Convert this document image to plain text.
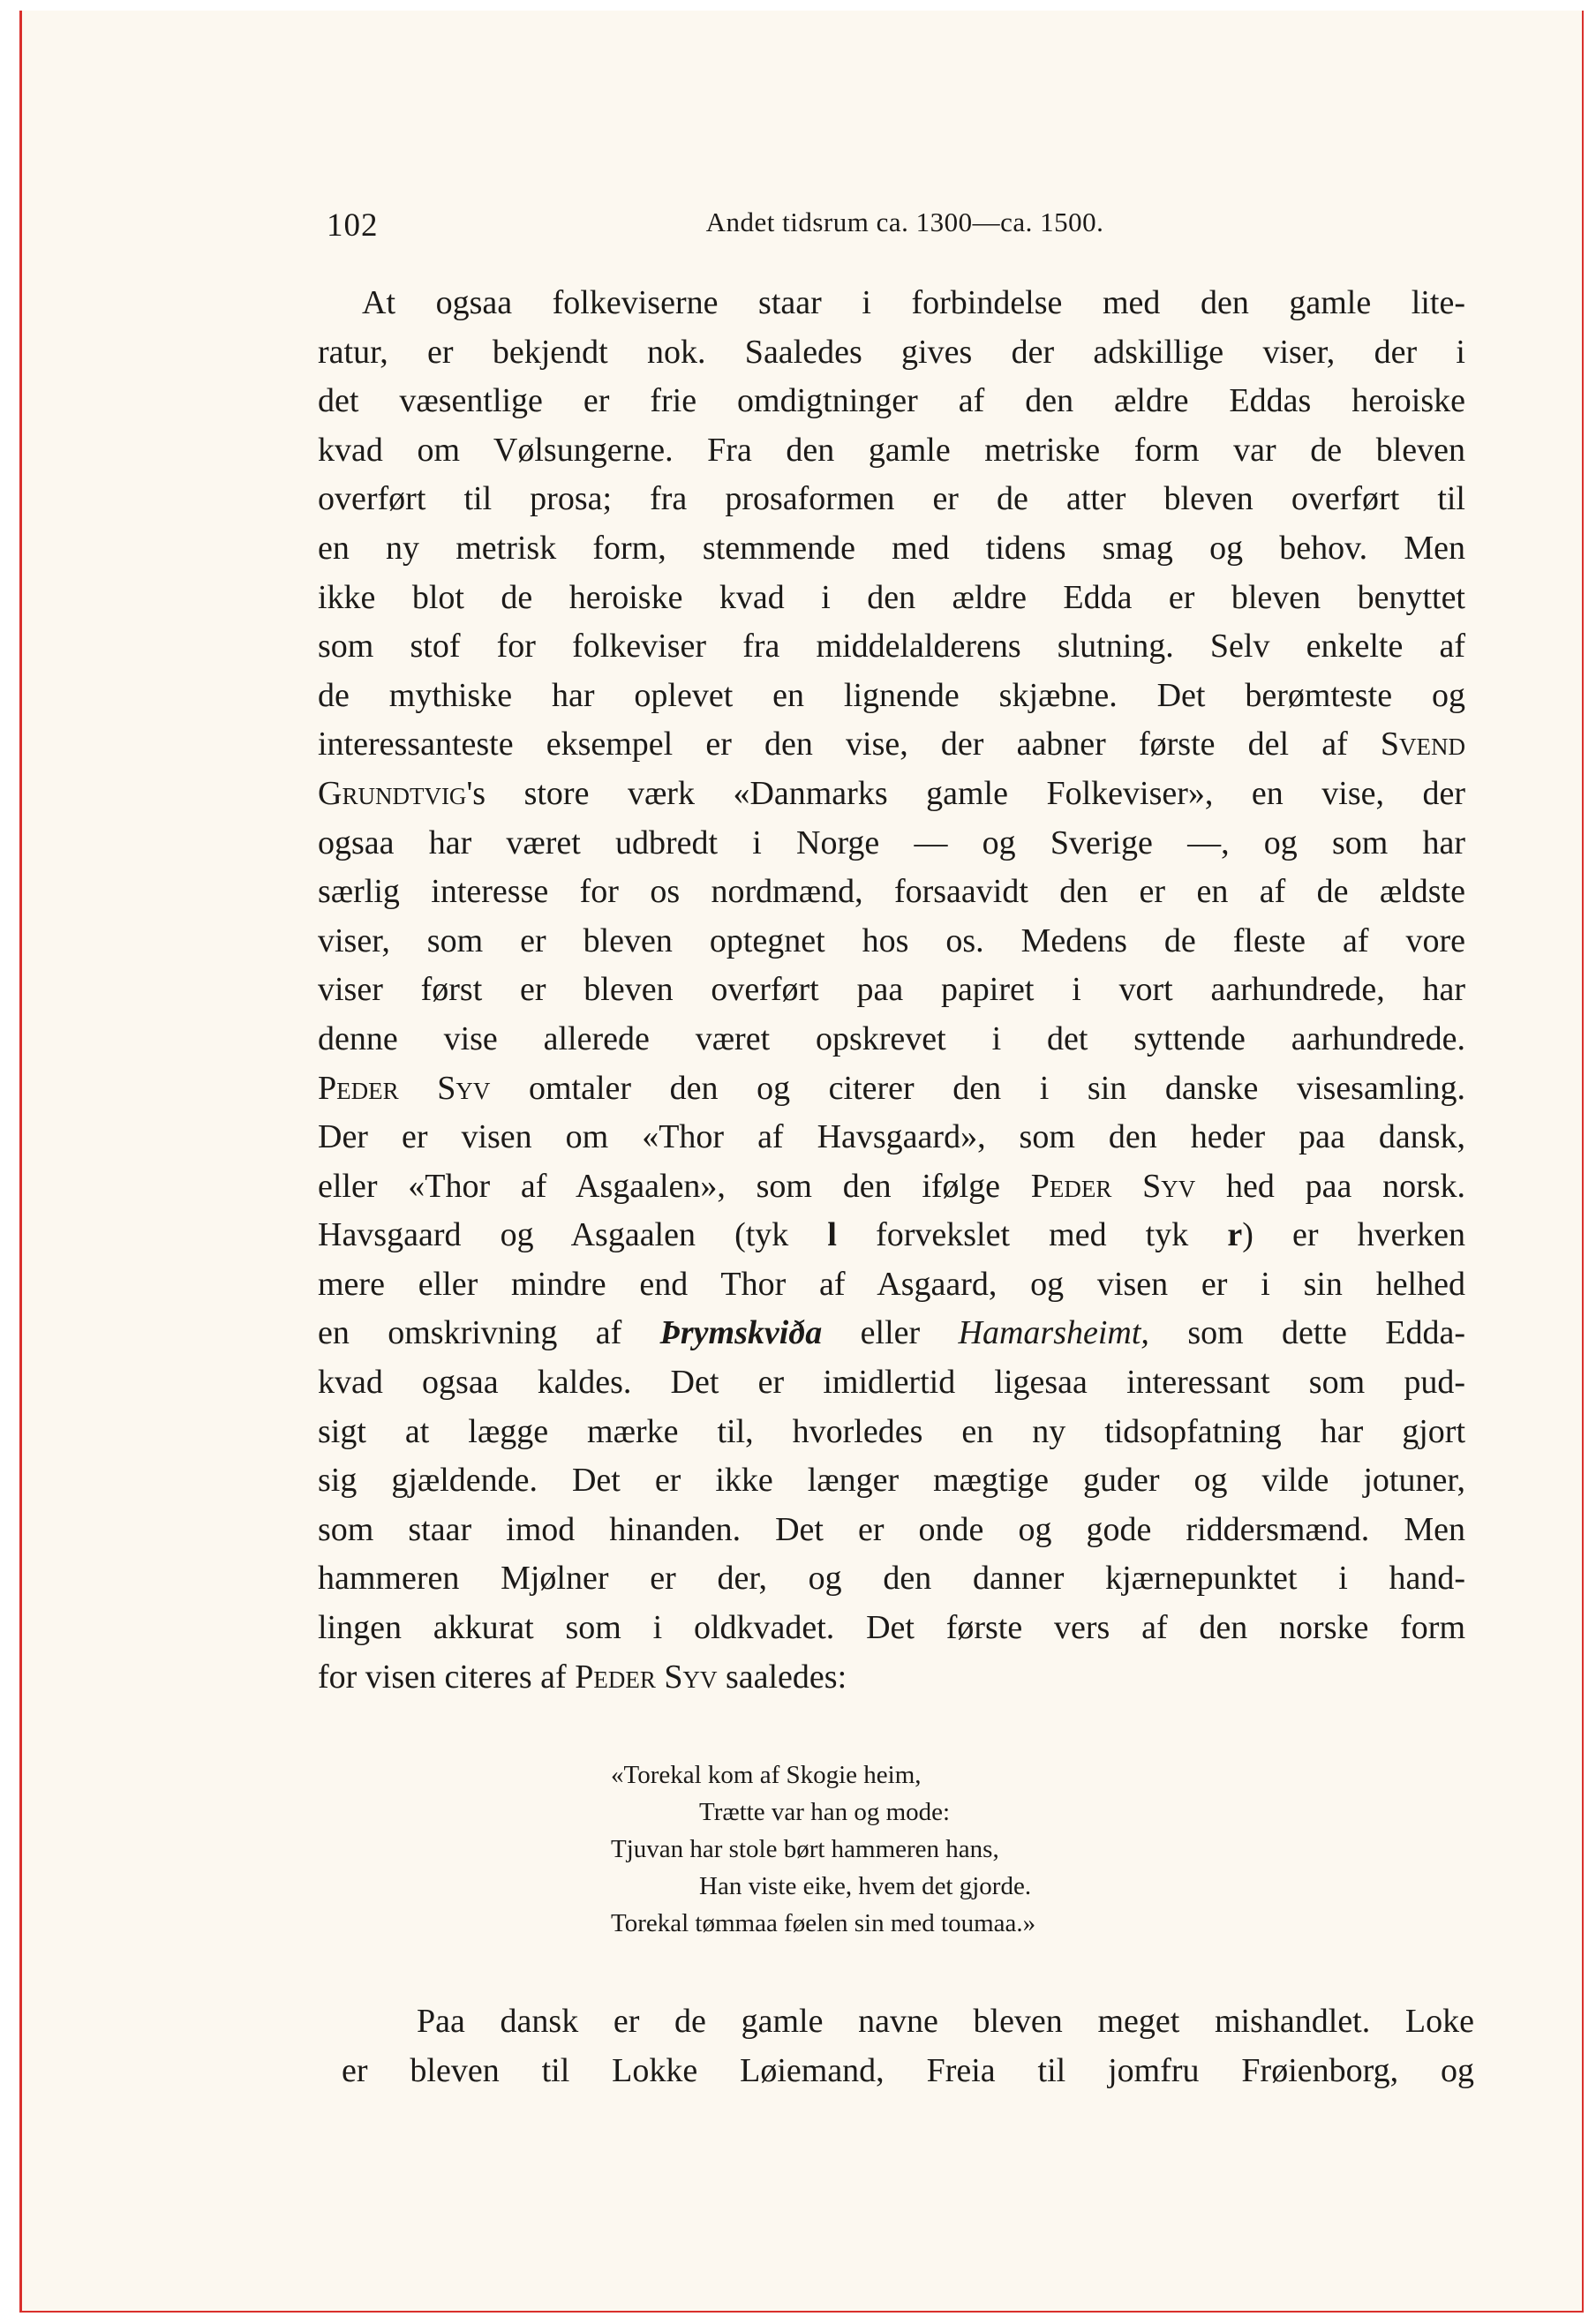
102	Andet tidsrum ca. 1300—ca. 1500.
At ogsaa folkeviserne staar i forbindelse med den gamle lite-
ratur, er bekjendt nok. Saaledes gives der adskillige viser, der i
det væsentlige er frie omdigtninger af den ældre Eddas heroiske
kvad om Vølsungerne. Fra den gamle metriske form var de bleven
overført til prosa; fra prosaformen er de atter bleven overført til
en ny metrisk form, stemmende med tidens smag og behov. Men
ikke blot de heroiske kvad i den ældre Edda er bleven benyttet
som stof for folkeviser fra middelalderens slutning. Selv enkelte af
de mythiske har oplevet en lignende skjæbne. Det berømteste og
interessanteste eksempel er den vise, der aabner første del af Svend
Grundtvig's store værk «Danmarks gamle Folkeviser», en vise, der
ogsaa har været udbredt i Norge — og Sverige —, og som har
særlig interesse for os nordmænd, forsaavidt den er en af de ældste
viser, som er bleven optegnet hos os. Medens de fleste af vore
viser først er bleven overført paa papiret i vort aarhundrede, har
denne vise allerede været opskrevet i det syttende aarhundrede.
Peder Syv omtaler den og citerer den i sin danske visesamling.
Der er visen om «Thor af Havsgaard», som den heder paa dansk,
eller «Thor af Asgaalen», som den ifølge Peder Syv hed paa norsk.
Havsgaard og Asgaalen (tyk l forvekslet med tyk r) er hverken
mere eller mindre end Thor af Asgaard, og visen er i sin helhed
en omskrivning af Þrymskviða eller Hamarsheimt, som dette Edda-
kvad ogsaa kaldes. Det er imidlertid ligesaa interessant som pud-
sigt at lægge mærke til, hvorledes en ny tidsopfatning har gjort
sig gjældende. Det er ikke længer mægtige guder og vilde jotuner,
som staar imod hinanden. Det er onde og gode riddersmænd. Men
hammeren Mjølner er der, og den danner kjærnepunktet i hand-
lingen akkurat som i oldkvadet. Det første vers af den norske form
for visen citeres af Peder Syv saaledes:
«Torekal kom af Skogie heim,
Trætte var han og mode:
Tjuvan har stole børt hammeren hans,
Han viste eike, hvem det gjorde.
Torekal tømmaa føelen sin med toumaa.»
Paa dansk er de gamle navne bleven meget mishandlet. Loke
er bleven til Lokke Løiemand, Freia til jomfru Frøienborg, og
